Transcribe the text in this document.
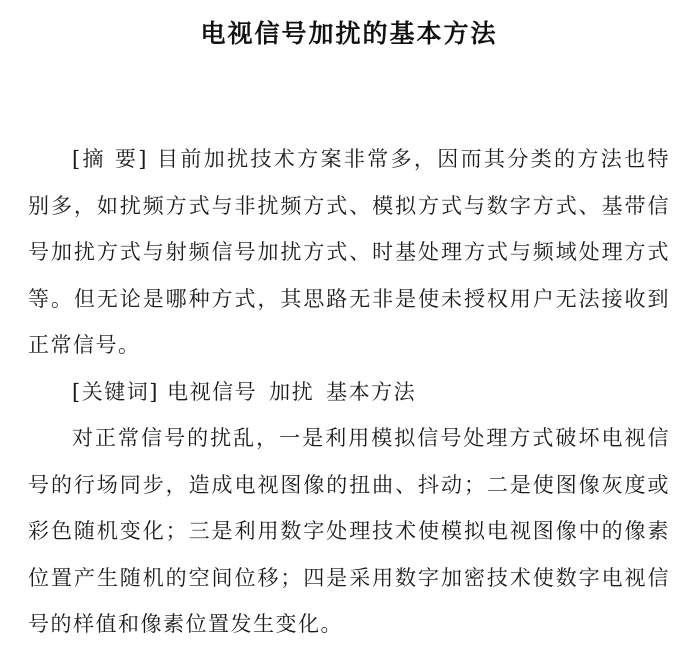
电视信号加扰的基本方法

[摘 要] 目前加扰技术方案非常多，因而其分类的方法也特别多，如扰频方式与非扰频方式、模拟方式与数字方式、基带信号加扰方式与射频信号加扰方式、时基处理方式与频域处理方式等。但无论是哪种方式，其思路无非是使未授权用户无法接收到正常信号。

[关键词] 电视信号 加扰 基本方法

对正常信号的扰乱，一是利用模拟信号处理方式破坏电视信号的行场同步，造成电视图像的扭曲、抖动；二是使图像灰度或彩色随机变化；三是利用数字处理技术使模拟电视图像中的像素位置产生随机的空间位移；四是采用数字加密技术使数字电视信号的样值和像素位置发生变化。
